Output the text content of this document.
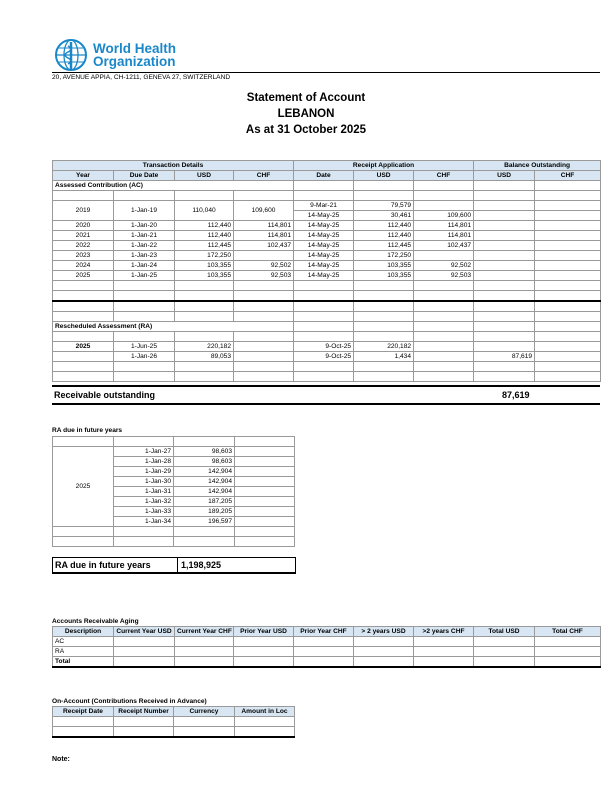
World Health
Organization
20, AVENUE APPIA, CH-1211, GENEVA 27, SWITZERLAND
Statement of Account
LEBANON
As at 31 October 2025
Transaction Details				Receipt Application			Balance Outstanding	
Year	Due Date	USD	CHF	Date	USD	CHF	USD	CHF
Assessed Contribution (AC)								

2019	1-Jan-19	110,040	109,600	9-Mar-21	79,579			
				14-May-25	30,461	109,600		
2020	1-Jan-20	112,440	114,801	14-May-25	112,440	114,801		
2021	1-Jan-21	112,440	114,801	14-May-25	112,440	114,801		
2022	1-Jan-22	112,445	102,437	14-May-25	112,445	102,437		
2023	1-Jan-23	172,250		14-May-25	172,250			
2024	1-Jan-24	103,355	92,502	14-May-25	103,355	92,502		
2025	1-Jan-25	103,355	92,503	14-May-25	103,355	92,503		

Rescheduled Assessment (RA)								

2025	1-Jun-25	220,182		9-Oct-25	220,182			
	1-Jan-26	89,053		9-Oct-25	1,434		87,619	

Receivable outstanding	87,619
RA due in future years

2025	1-Jan-27	98,603	
	1-Jan-28	98,603	
	1-Jan-29	142,904	
	1-Jan-30	142,904	
	1-Jan-31	142,904	
	1-Jan-32	187,205	
	1-Jan-33	189,205	
	1-Jan-34	196,597	

RA due in future years	1,198,925
Accounts Receivable Aging
Description	Current Year USD	Current Year CHF	Prior Year USD	Prior Year CHF	> 2 years USD	>2 years CHF	Total USD	Total CHF
AC								
RA								
Total								
On-Account (Contributions Received in Advance)
Receipt Date	Receipt Number	Currency	Amount in Loc

Note:
